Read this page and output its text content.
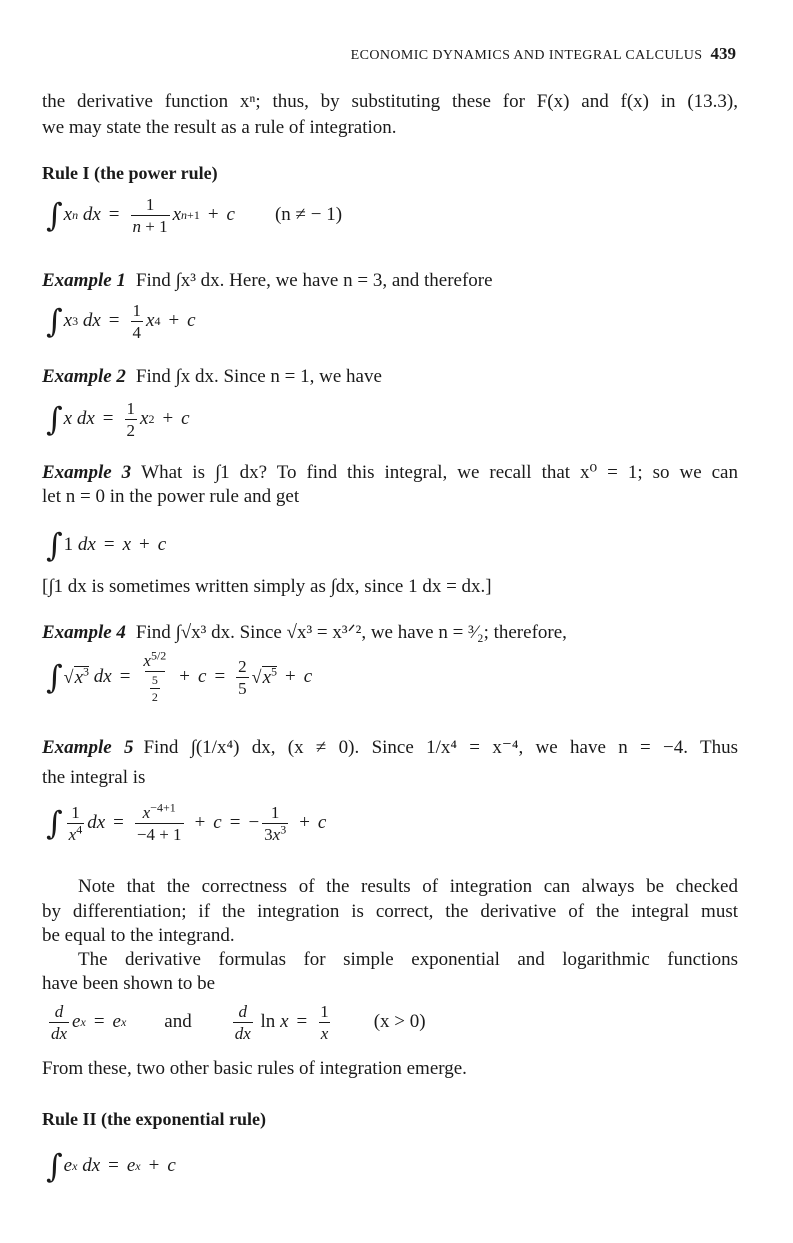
ECONOMIC DYNAMICS AND INTEGRAL CALCULUS 439
the derivative function xⁿ; thus, by substituting these for F(x) and f(x) in (13.3),
we may state the result as a rule of integration.
Rule I (the power rule)
∫ x n
dx = $\frac{1}{n + 1}$ x n+1 + c (n ≠ − 1)
Example 1 Find ∫x³ dx. Here, we have n = 3, and therefore
∫ x 3
dx = $\frac{1}{4}$ x 4 + c
Example 2 Find ∫x dx. Since n = 1, we have
∫ x
dx = $\frac{1}{2}$ x 2 + c
Example 3 What is ∫1 dx? To find this integral, we recall that x⁰ = 1; so we can
let n = 0 in the power rule and get
∫ 1 dx = x + c
[∫1 dx is sometimes written simply as ∫dx, since 1 dx = dx.]
Example 4 Find ∫√x³ dx. Since √x³ = x³ᐟ², we have n = ³⁄₂; therefore,
∫ √ $x^3$
dx = $\frac{x^{5/2}}{\frac{5}{2}} + c = \frac{2}{5}$ √ $x^5 + c$
Example 5 Find ∫(1/x⁴) dx, (x ≠ 0). Since 1/x⁴ = x⁻⁴, we have n = −4. Thus
the integral is
∫ $\frac{1}{x^4}$ dx = $\frac{x^{-4+1}}{-4 + 1} + c$ = − $\frac{1}{3x^3} + c$
Note that the correctness of the results of integration can always be checked
by differentiation; if the integration is correct, the derivative of the integral must
be equal to the integrand.
The derivative formulas for simple exponential and logarithmic functions
have been shown to be
$\frac{d}{dx}$ e x = e x and $\frac{d}{dx}$ $\ln x = \frac{1}{x} (x > 0)$
From these, two other basic rules of integration emerge.
Rule II (the exponential rule)
∫ e x
dx = e x + c
